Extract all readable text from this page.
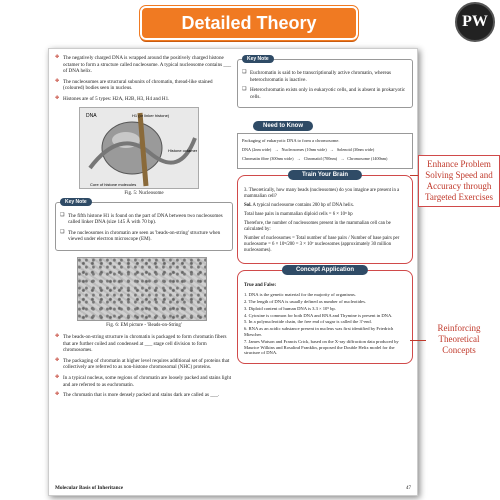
Detailed Theory	PW
✥ The negatively charged DNA is wrapped around the positively charged histone octamer to form a structure called nucleosome. A typical nucleosome contains ___ of DNA helix.
✥ The nucleosomes are structural subunits of chromatin, thread-like stained (coloured) bodies seen in nucleus.
✥ Histones are of 5 types: H2A, H2B, H3, H4 and H1.
DNA	H1 (or linker histone)
Histone octamer
Core of histone molecules
Fig. 5: Nucleosome
Key Note
❑ The fifth histone H1 is found on the part of DNA between two nucleosomes called linker DNA (size 145 Å with 70 bp).
❑ The nucleosomes in chromatin are seen as 'beads-on-string' structure when viewed under electron microscope (EM).
Fig. 6: EM picture - 'Beads-on-String'
✥ The beads-on-string structure in chromatin is packaged to form chromatin fibers that are further coiled and condensed at ___ stage cell division to form chromosomes.
✥ The packaging of chromatin at higher level requires additional set of proteins that collectively are referred to as non-histone chromosomal (NHC) proteins.
✥ In a typical nucleus, some regions of chromatin are loosely packed and stains light and are referred to as euchromatin.
✥ The chromatin that is more densely packed and stains dark are called as ___.
Key Note
❑ Euchromatin is said to be transcriptionally active chromatin, whereas heterochromatin is inactive.
❑ Heterochromatin exists only in eukaryotic cells, and is absent in prokaryotic cells.
Need to Know
Packaging of eukaryotic DNA to form a chromosome.
DNA (2nm wide) → Nucleosomes (10nm wide) → Solenoid (30nm wide)
Chromatin fibre (300nm wide) → Chromatid (700nm) → Chromosome (1400nm)
Train Your Brain
3. Theoretically, how many beads (nucleosomes) do you imagine are present in a mammalian cell?
Sol. A typical nucleosome contains 200 bp of DNA helix.
Total base pairs in mammalian diploid cells = 6 × 10⁹ bp
Therefore, the number of nucleosomes present in the mammalian cell can be calculated by:
Number of nucleosomes = Total number of base pairs / Number of base pairs per nucleosome = 6 × 10⁹/200 = 3 × 10⁷ nucleosomes (approximately 30 million nucleosomes).
Concept Application
True and False:
1. DNA is the genetic material for the majority of organisms.
2. The length of DNA is usually defined as number of nucleotides.
3. Diploid content of human DNA is 3.3 × 10⁹ bp.
4. Cytosine is common for both DNA and RNA and Thymine is present in DNA.
5. In a polynucleotide chain, the free end of sugar is called the 3'-end.
6. RNA as an acidic substance present in nucleus was first identified by Friedrich Miescher.
7. James Watson and Francis Crick, based on the X-ray diffraction data produced by Maurice Wilkins and Rosalind Franklin, proposed the Double Helix model for the structure of DNA.
Molecular Basis of Inheritance	47
Enhance Problem Solving Speed and Accuracy through Targeted Exercises
Reinforcing Theoretical Concepts
